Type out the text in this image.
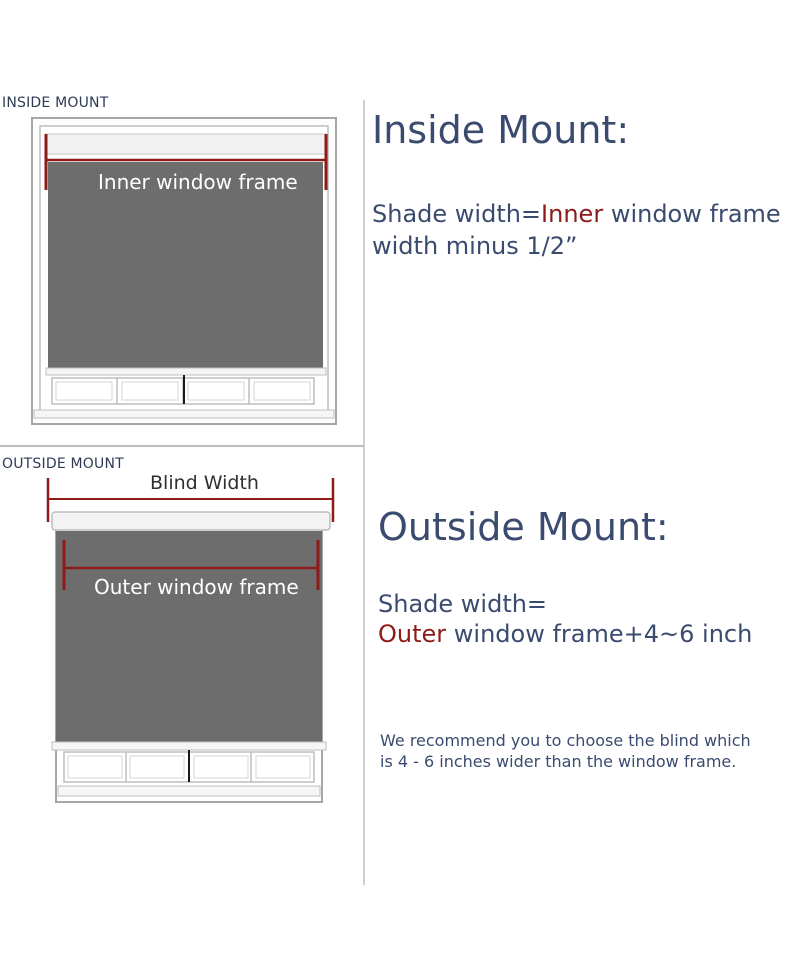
INSIDE MOUNT
Inner window frame
Inside Mount:
Shade width=Inner window frame
width minus 1/2”
OUTSIDE MOUNT
Blind Width
Outer window frame
Outside Mount:
Shade width=
Outer window frame+4~6 inch
We recommend you to choose the blind which
is 4 - 6 inches wider than the window frame.
